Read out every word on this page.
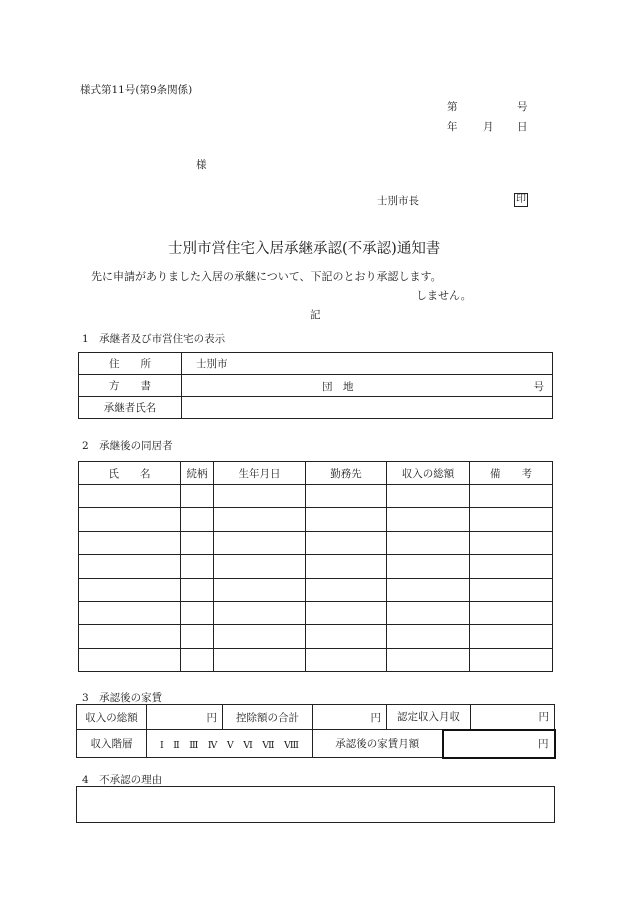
様式第11号(第9条関係)
第	号
年 月 日
様
士別市長	印
士別市営住宅入居承継承認(不承認)通知書
先に申請がありました入居の承継について、下記のとおり承認します。
しません。
記
1　承継者及び市営住宅の表示
住　　所	士別市
方　　書	団　地 号

承継者氏名	
2　承継後の同居者
氏　　名	続柄	生年月日	勤務先	収入の総額	備　　考

3　承認後の家賃
収入の総額	円	控除額の合計	円	認定収入月収		円
収入階層	Ⅰ　Ⅱ　Ⅲ　Ⅳ　Ⅴ　Ⅵ　Ⅶ　Ⅷ		承認後の家賃月額		円	
4　不承認の理由
